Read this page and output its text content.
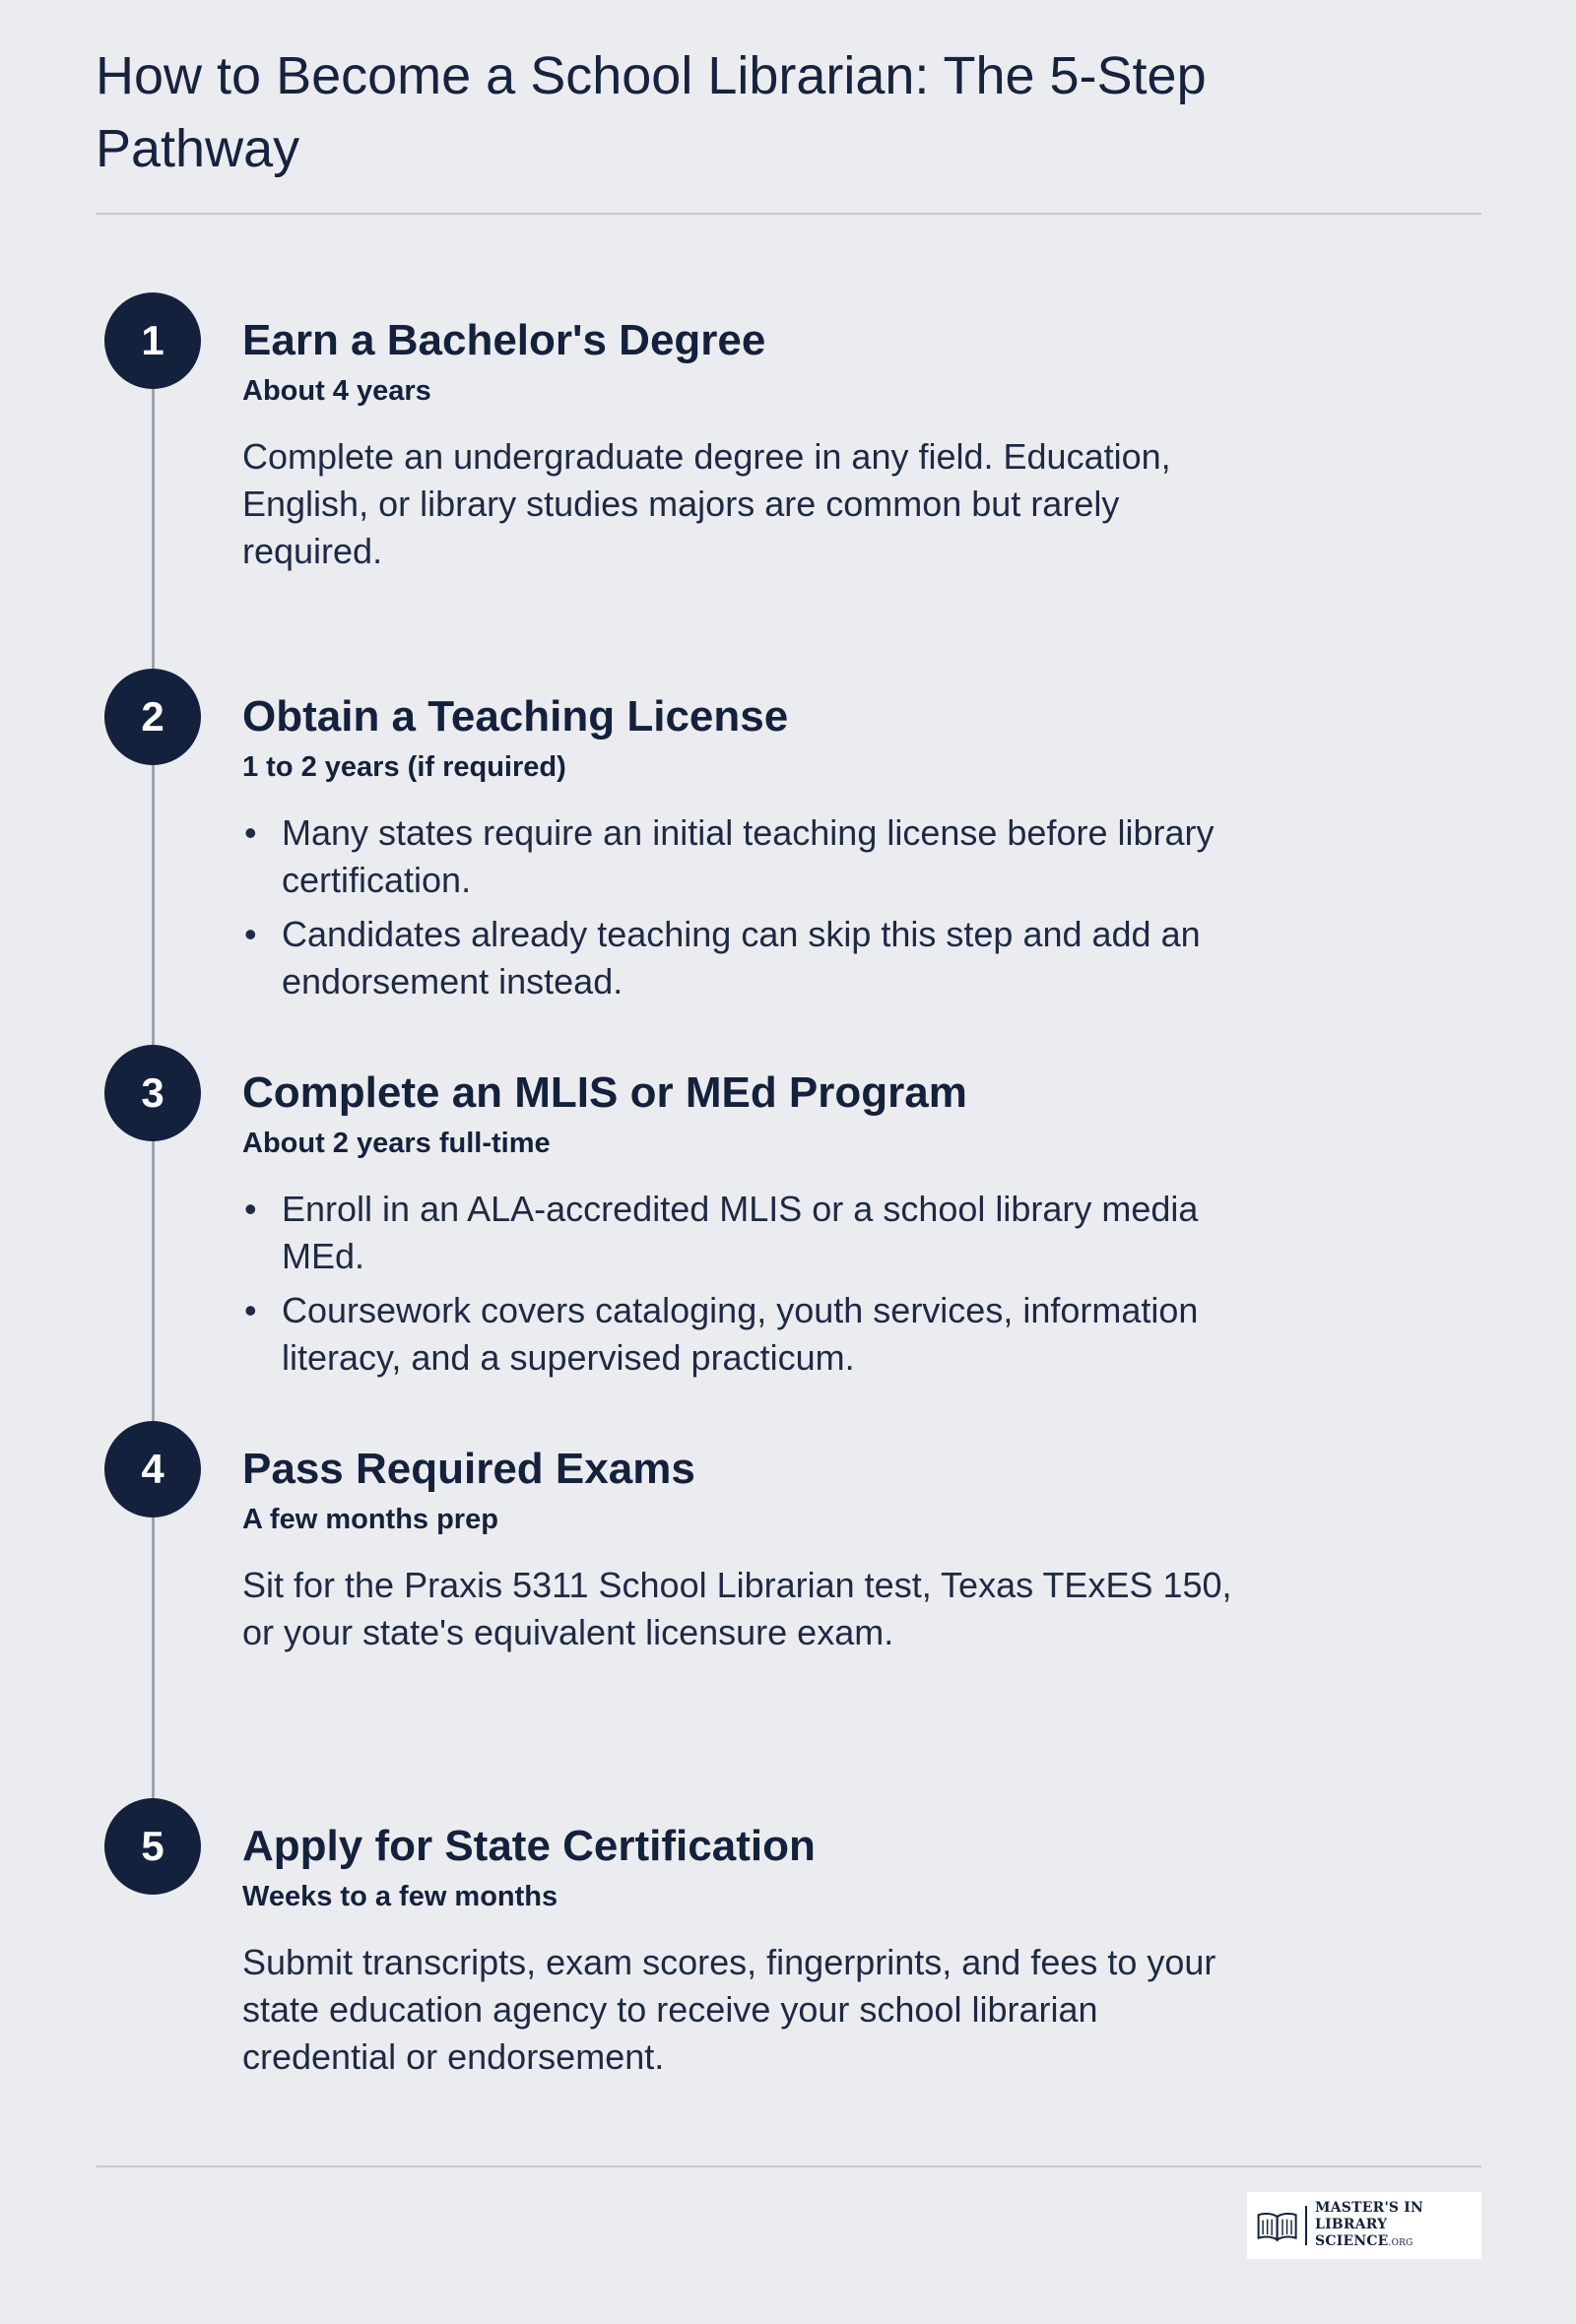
How to Become a School Librarian: The 5-Step Pathway
1	Earn a Bachelor's Degree

About 4 years

Complete an undergraduate degree in any field. Education, English, or library studies majors are common but rarely required.

2	Obtain a Teaching License

1 to 2 years (if required)

• Many states require an initial teaching license before library certification.
• Candidates already teaching can skip this step and add an endorsement instead.
3	Complete an MLIS or MEd Program

About 2 years full-time

• Enroll in an ALA-accredited MLIS or a school library media MEd.
• Coursework covers cataloging, youth services, information literacy, and a supervised practicum.
4	Pass Required Exams

A few months prep

Sit for the Praxis 5311 School Librarian test, Texas TExES 150, or your state's equivalent licensure exam.

5	Apply for State Certification

Weeks to a few months

Submit transcripts, exam scores, fingerprints, and fees to your state education agency to receive your school librarian credential or endorsement.

MASTER'S IN
LIBRARY SCIENCE.ORG
